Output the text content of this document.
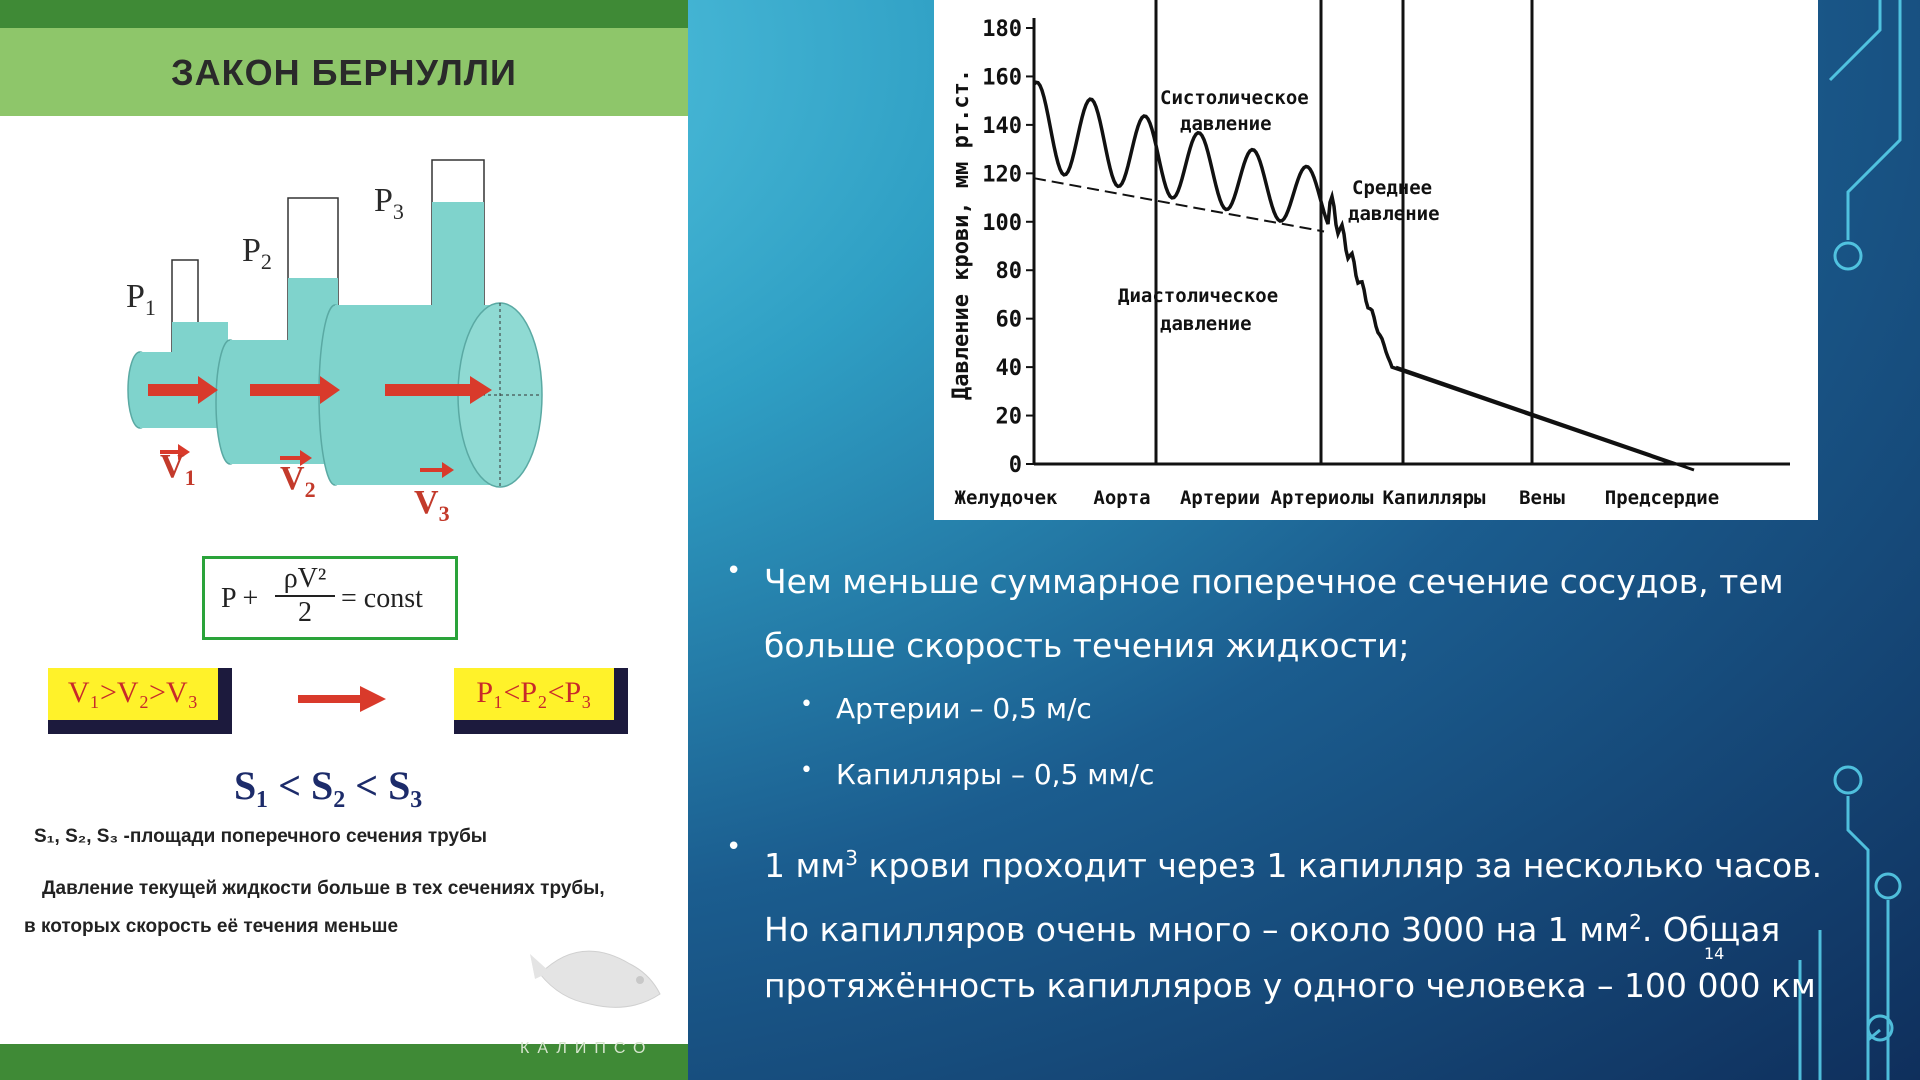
ЗАКОН БЕРНУЛЛИ
$P_1$
$P_2$
$P_3$
$V_1$ $V_2$	$V_3$
$P + \frac{\text{ρV²}}{2}$ = const
V₁>V₂>V₃	P₁<P₂<P₃
S₁ < S₂ < S₃
S₁, S₂, S₃ -площади поперечного сечения трубы
Давление текущей жидкости больше в тех сечениях трубы,
в которых скорость её течения меньше
КАЛИПСО
0
20
40
60
80
100
120
140
160
180
Желудочек Аорта Артерии Артериолы Капилляры Вены Предсердие
Давление крови, мм рт.ст.	Систолическое
давление
Среднее
давление
Диастолическое
давление
• Чем меньше суммарное поперечное сечение сосудов, тем
больше скорость течения жидкости;
• Артерии – 0,5 м/с
• Капилляры – 0,5 мм/с
• 1 $мм^3$ крови проходит через 1 капилляр за несколько часов.
Но капилляров очень много – около 3000 на 1 $мм^2$. Общая
протяжённость капилляров у одного человека – 100 000 км
14
